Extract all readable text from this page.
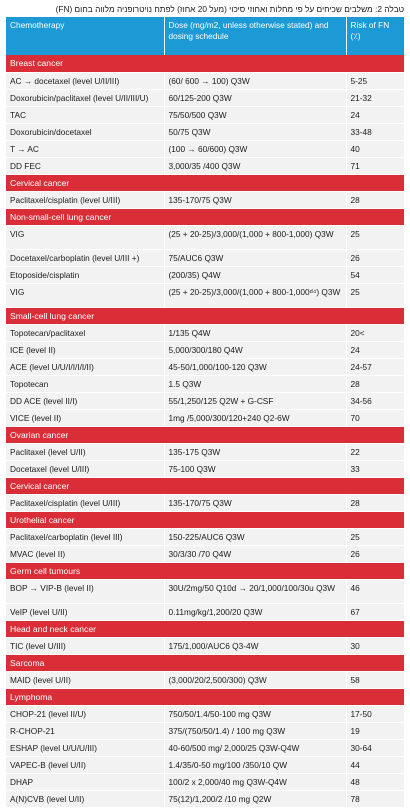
טבלה 2: משלבים שכיחים על פי מחלות ואחוזי סיכוי (מעל 20 אחוז) לפתח נויטרופניה מלווה בחום (FN)
Chemotherapy	Dose (mg/m2, unless otherwise stated) and dosing schedule	Risk of FN (٪)
Breast cancer		
AC → docetaxel (level U/II/III)	(60/ 600 → 100) Q3W	5-25
Doxorubicin/paclitaxel (level U/II/III/U)	60/125-200 Q3W	21-32
TAC	75/50/500 Q3W	24
Doxorubicin/docetaxel	50/75 Q3W	33-48
T → AC	(100 → 60/600) Q3W	40
DD FEC	3,000/35 /400 Q3W	71
Cervical cancer		
Paclitaxel/cisplatin (level U/III)	135-170/75 Q3W	28
Non-small-cell lung cancer		
VIG	(25 + 20-25)/3,000/(1,000 + 800-1,000) Q3W	25
Docetaxel/carboplatin (level U/III +)	75/AUC6 Q3W	26
Etoposide/cisplatin	(200/35) Q4W	54
VIG	(25 + 20-25)/3,000/(1,000 + 800-1,000ᵈ⁴) Q3W	25
Small-cell lung cancer		
Topotecan/paclitaxel	1/135 Q4W	20<
ICE (level II)	5,000/300/180 Q4W	24
ACE (level U/U/I/I/I/I/II)	45-50/1,000/100-120 Q3W	24-57
Topotecan	1.5 Q3W	28
DD ACE (level II/I)	55/1,250/125 Q2W + G-CSF	34-56
VICE (level II)	1mg /5,000/300/120+240 Q2-6W	70
Ovarian cancer		
Paclitaxel (level U/II)	135-175 Q3W	22
Docetaxel (level U/III)	75-100 Q3W	33
Cervical cancer		
Paclitaxel/cisplatin (level U/III)	135-170/75 Q3W	28
Urothelial cancer		
Paclitaxel/carboplatin (level III)	150-225/AUC6 Q3W	25
MVAC (level II)	30/3/30 /70 Q4W	26
Germ cell tumours		
BOP → VIP-B (level II)	30U/2mg/50 Q10d → 20/1,000/100/30u Q3W	46
VeIP (level U/II)	0.11mg/kg/1,200/20 Q3W	67
Head and neck cancer		
TIC (level U/III)	175/1,000/AUC6 Q3-4W	30
Sarcoma		
MAID (level U/II)	(3,000/20/2,500/300) Q3W	58
Lymphoma		
CHOP-21 (level II/U)	750/50/1.4/50-100 mg Q3W	17-50
R-CHOP-21	375/(750/50/1.4) / 100 mg Q3W	19
ESHAP (level U/U/U/III)	40-60/500 mg/ 2,000/25 Q3W-Q4W	30-64
VAPEC-B (level U/II)	1.4/35/0-50 mg/100 /350/10 QW	44
DHAP	100/2 x 2,000/40 mg Q3W-Q4W	48
A(N)CVB (level U/II)	75(12)/1,200/2 /10 mg Q2W	78
